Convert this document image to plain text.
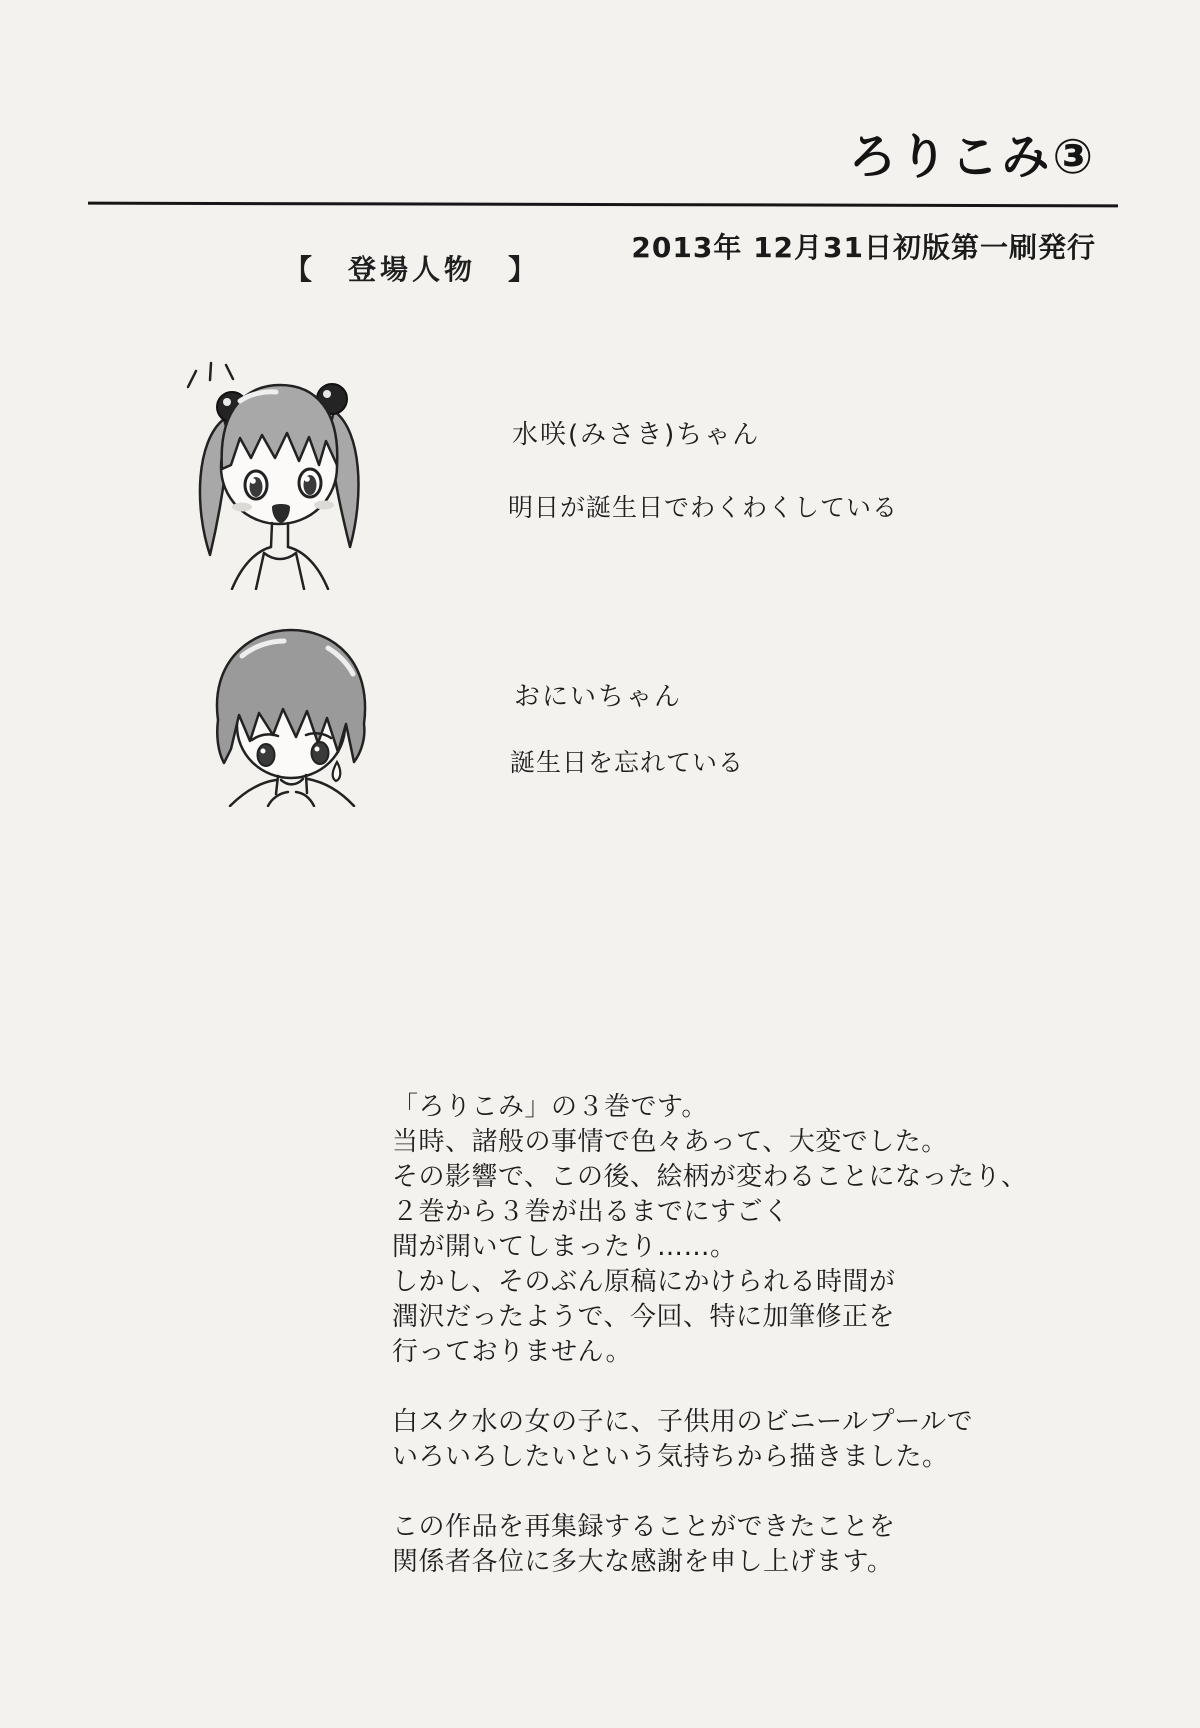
ろりこみ③
2013年 12月31日初版第一刷発行
【　登場人物　】
水咲(みさき)ちゃん
明日が誕生日でわくわくしている
おにいちゃん
誕生日を忘れている
「ろりこみ」の３巻です。
当時、諸般の事情で色々あって、大変でした。
その影響で、この後、絵柄が変わることになったり、
２巻から３巻が出るまでにすごく
間が開いてしまったり……。
しかし、そのぶん原稿にかけられる時間が
潤沢だったようで、今回、特に加筆修正を
行っておりません。
白スク水の女の子に、子供用のビニールプールで
いろいろしたいという気持ちから描きました。
この作品を再集録することができたことを
関係者各位に多大な感謝を申し上げます。
